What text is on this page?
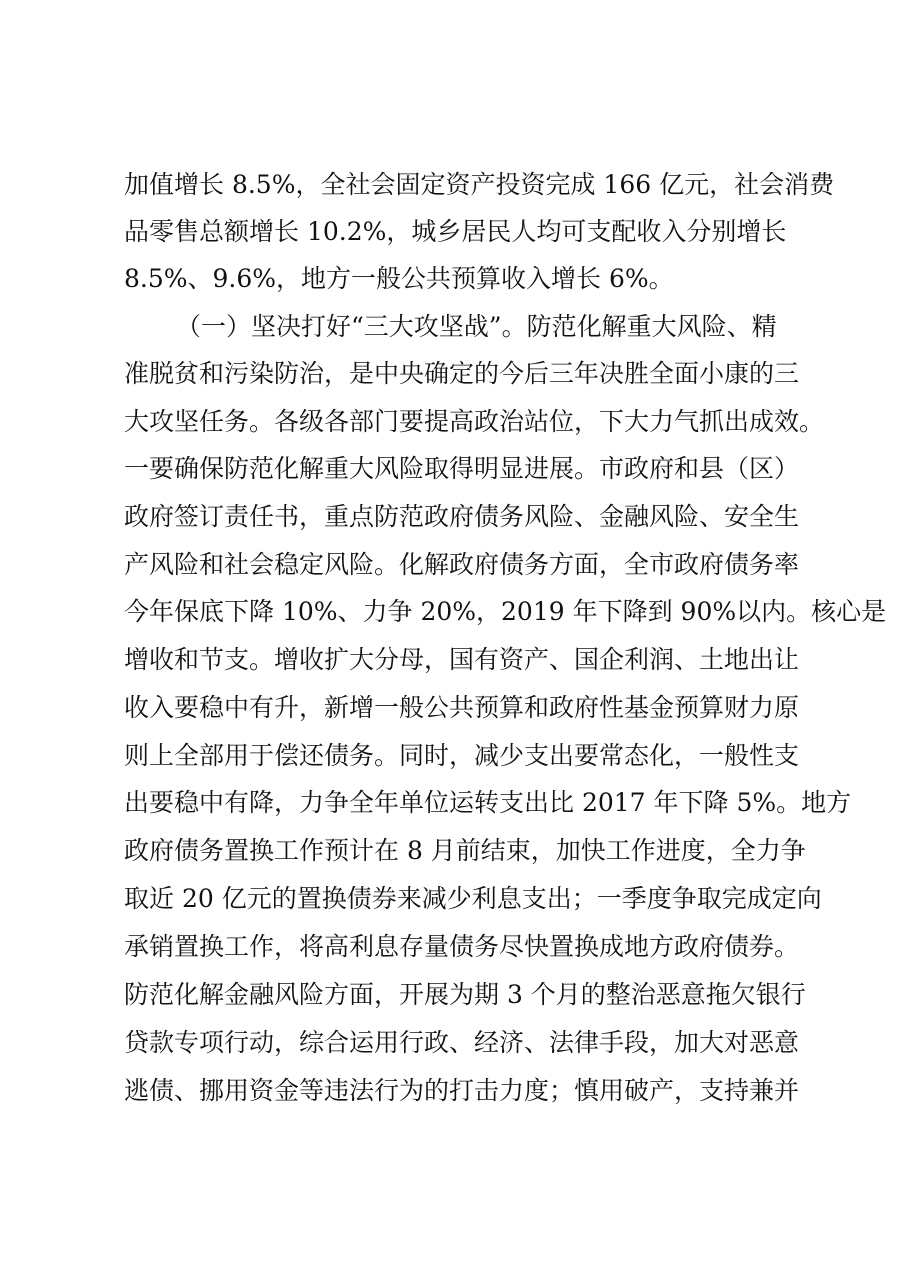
加值增长 8.5%，全社会固定资产投资完成 166 亿元，社会消费
品零售总额增长 10.2%，城乡居民人均可支配收入分别增长
8.5%、9.6%，地方一般公共预算收入增长 6%。
（一）坚决打好“三大攻坚战”。防范化解重大风险、精
准脱贫和污染防治，是中央确定的今后三年决胜全面小康的三
大攻坚任务。各级各部门要提高政治站位，下大力气抓出成效。
一要确保防范化解重大风险取得明显进展。市政府和县（区）
政府签订责任书，重点防范政府债务风险、金融风险、安全生
产风险和社会稳定风险。化解政府债务方面，全市政府债务率
今年保底下降 10%、力争 20%，2019 年下降到 90%以内。核心是
增收和节支。增收扩大分母，国有资产、国企利润、土地出让
收入要稳中有升，新增一般公共预算和政府性基金预算财力原
则上全部用于偿还债务。同时，减少支出要常态化，一般性支
出要稳中有降，力争全年单位运转支出比 2017 年下降 5%。地方
政府债务置换工作预计在 8 月前结束，加快工作进度，全力争
取近 20 亿元的置换债券来减少利息支出；一季度争取完成定向
承销置换工作，将高利息存量债务尽快置换成地方政府债券。
防范化解金融风险方面，开展为期 3 个月的整治恶意拖欠银行
贷款专项行动，综合运用行政、经济、法律手段，加大对恶意
逃债、挪用资金等违法行为的打击力度；慎用破产，支持兼并
